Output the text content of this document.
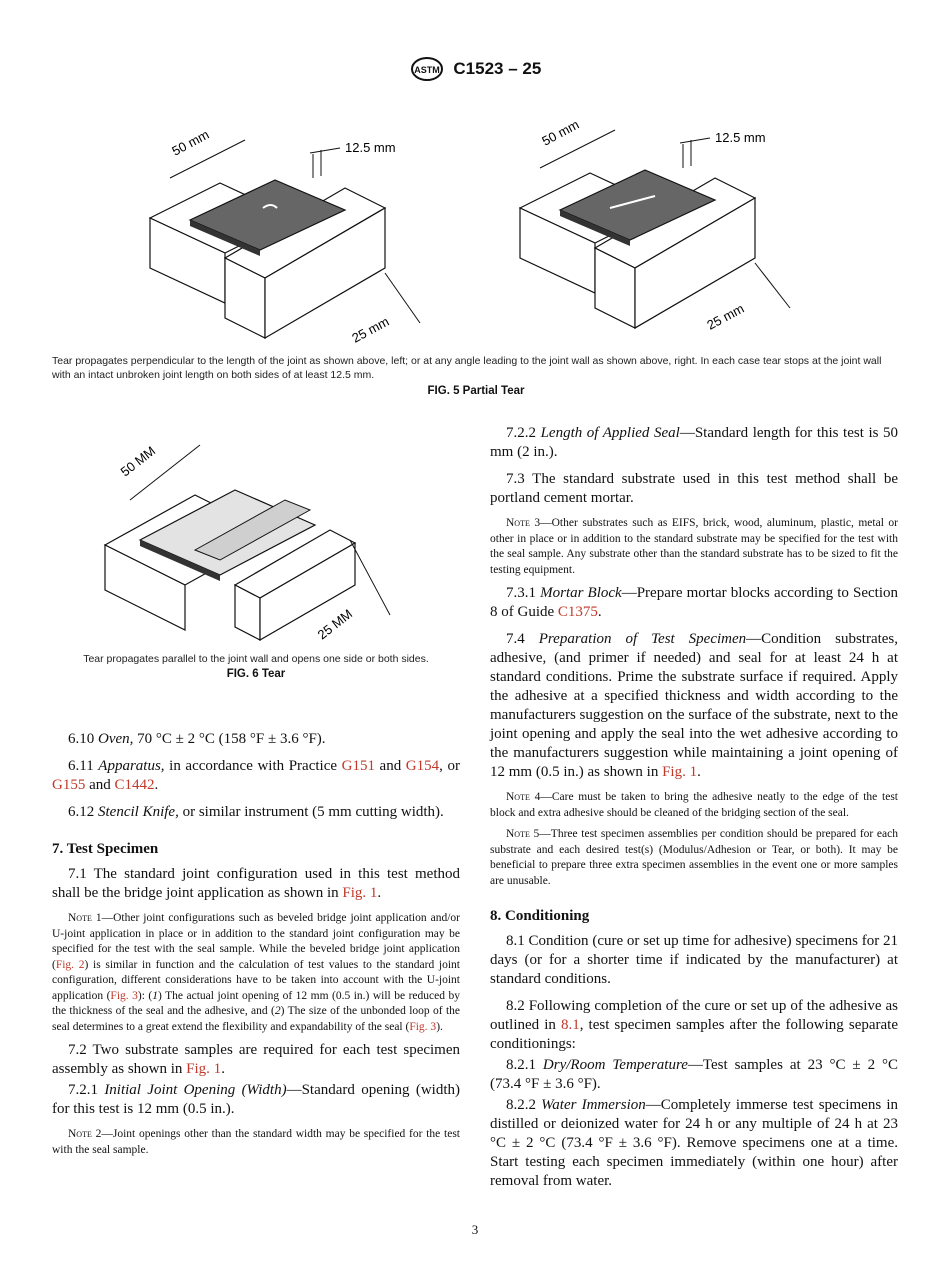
ASTM C1523 – 25
50 mm	12.5 mm
25 mm
50 mm	12.5 mm
25 mm
Tear propagates perpendicular to the length of the joint as shown above, left; or at any angle leading to the joint wall as shown above, right. In each case tear stops at the joint wall with an intact unbroken joint length on both sides of at least 12.5 mm.
FIG. 5 Partial Tear
50 MM
25 MM
Tear propagates parallel to the joint wall and opens one side or both sides.
FIG. 6 Tear

6.10 Oven, 70 °C ± 2 °C (158 °F ± 3.6 °F).

6.11 Apparatus, in accordance with Practice G151 and G154, or G155 and C1442.

6.12 Stencil Knife, or similar instrument (5 mm cutting width).

7. Test Specimen

7.1 The standard joint configuration used in this test method shall be the bridge joint application as shown in Fig. 1.

Note 1—Other joint configurations such as beveled bridge joint application and/or U-joint application in place or in addition to the standard joint configuration may be specified for the test with the seal sample. While the beveled bridge joint application (Fig. 2) is similar in function and the calculation of test values to the standard joint configuration, different considerations have to be taken into account with the U-joint application (Fig. 3): (1) The actual joint opening of 12 mm (0.5 in.) will be reduced by the thickness of the seal and the adhesive, and (2) The size of the unbonded loop of the seal determines to a great extend the flexibility and expandability of the seal (Fig. 3).

7.2 Two substrate samples are required for each test specimen assembly as shown in Fig. 1.

7.2.1 Initial Joint Opening (Width)—Standard opening (width) for this test is 12 mm (0.5 in.).

Note 2—Joint openings other than the standard width may be specified for the test with the seal sample.

7.2.2 Length of Applied Seal—Standard length for this test is 50 mm (2 in.).

7.3 The standard substrate used in this test method shall be portland cement mortar.

Note 3—Other substrates such as EIFS, brick, wood, aluminum, plastic, metal or other in place or in addition to the standard substrate may be specified for the test with the seal sample. Any substrate other than the standard substrate has to be sized to fit the testing equipment.

7.3.1 Mortar Block—Prepare mortar blocks according to Section 8 of Guide C1375.

7.4 Preparation of Test Specimen—Condition substrates, adhesive, (and primer if needed) and seal for at least 24 h at standard conditions. Prime the substrate surface if required. Apply the adhesive at a specified thickness and width according to the manufacturers suggestion on the surface of the substrate, next to the joint opening and apply the seal into the wet adhesive according to the manufacturers suggestion while maintaining a joint opening of 12 mm (0.5 in.) as shown in Fig. 1.

Note 4—Care must be taken to bring the adhesive neatly to the edge of the test block and extra adhesive should be cleaned of the bridging section of the seal.

Note 5—Three test specimen assemblies per condition should be prepared for each substrate and each desired test(s) (Modulus/Adhesion or Tear, or both). It may be beneficial to prepare three extra specimen assemblies in the event one or more samples are unusable.

8. Conditioning

8.1 Condition (cure or set up time for adhesive) specimens for 21 days (or for a shorter time if indicated by the manufacturer) at standard conditions.

8.2 Following completion of the cure or set up of the adhesive as outlined in 8.1, test specimen samples after the following separate conditionings:

8.2.1 Dry/Room Temperature—Test samples at 23 °C ± 2 °C (73.4 °F ± 3.6 °F).

8.2.2 Water Immersion—Completely immerse test specimens in distilled or deionized water for 24 h or any multiple of 24 h at 23 °C ± 2 °C (73.4 °F ± 3.6 °F). Remove specimens one at a time. Start testing each specimen immediately (within one hour) after removal from water.

3
